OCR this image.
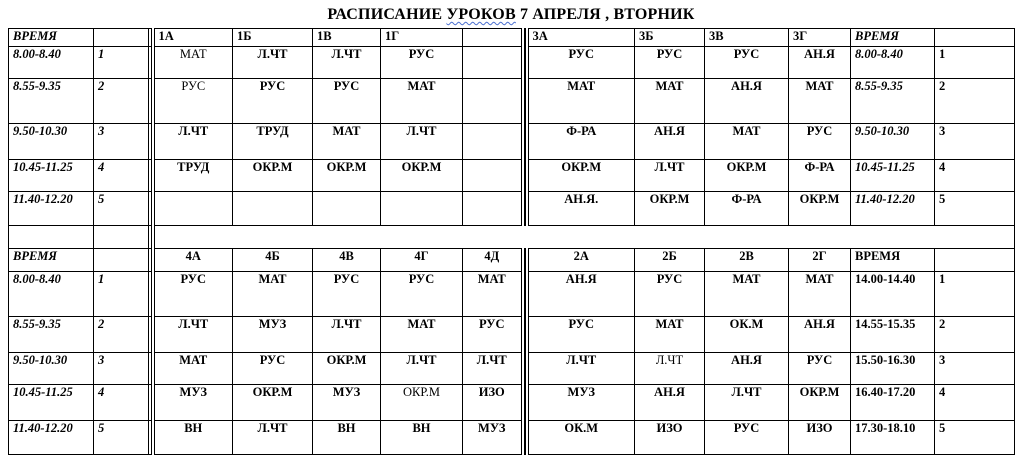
РАСПИСАНИЕ УРОКОВ 7 АПРЕЛЯ , ВТОРНИК
ВРЕМЯ			1А	1Б	1В	1Г			3А	3Б	3В	3Г	ВРЕМЯ	
8.00-8.40	1		МАТ	Л.ЧТ	Л.ЧТ	РУС			РУС	РУС	РУС	АН.Я	8.00-8.40	1
8.55-9.35	2		РУС	РУС	РУС	МАТ			МАТ	МАТ	АН.Я	МАТ	8.55-9.35	2
9.50-10.30	3		Л.ЧТ	ТРУД	МАТ	Л.ЧТ			Ф-РА	АН.Я	МАТ	РУС	9.50-10.30	3
10.45-11.25	4		ТРУД	ОКР.М	ОКР.М	ОКР.М			ОКР.М	Л.ЧТ	ОКР.М	Ф-РА	10.45-11.25	4
11.40-12.20	5								АН.Я.	ОКР.М	Ф-РА	ОКР.М	11.40-12.20	5

ВРЕМЯ			4А	4Б	4В	4Г	4Д		2А	2Б	2В	2Г	ВРЕМЯ	
8.00-8.40	1		РУС	МАТ	РУС	РУС	МАТ		АН.Я	РУС	МАТ	МАТ	14.00-14.40	1
8.55-9.35	2		Л.ЧТ	МУЗ	Л.ЧТ	МАТ	РУС		РУС	МАТ	ОК.М	АН.Я	14.55-15.35	2
9.50-10.30	3		МАТ	РУС	ОКР.М	Л.ЧТ	Л.ЧТ		Л.ЧТ	Л.ЧТ	АН.Я	РУС	15.50-16.30	3
10.45-11.25	4		МУЗ	ОКР.М	МУЗ	ОКР.М	ИЗО		МУЗ	АН.Я	Л.ЧТ	ОКР.М	16.40-17.20	4
11.40-12.20	5		ВН	Л.ЧТ	ВН	ВН	МУЗ		ОК.М	ИЗО	РУС	ИЗО	17.30-18.10	5
